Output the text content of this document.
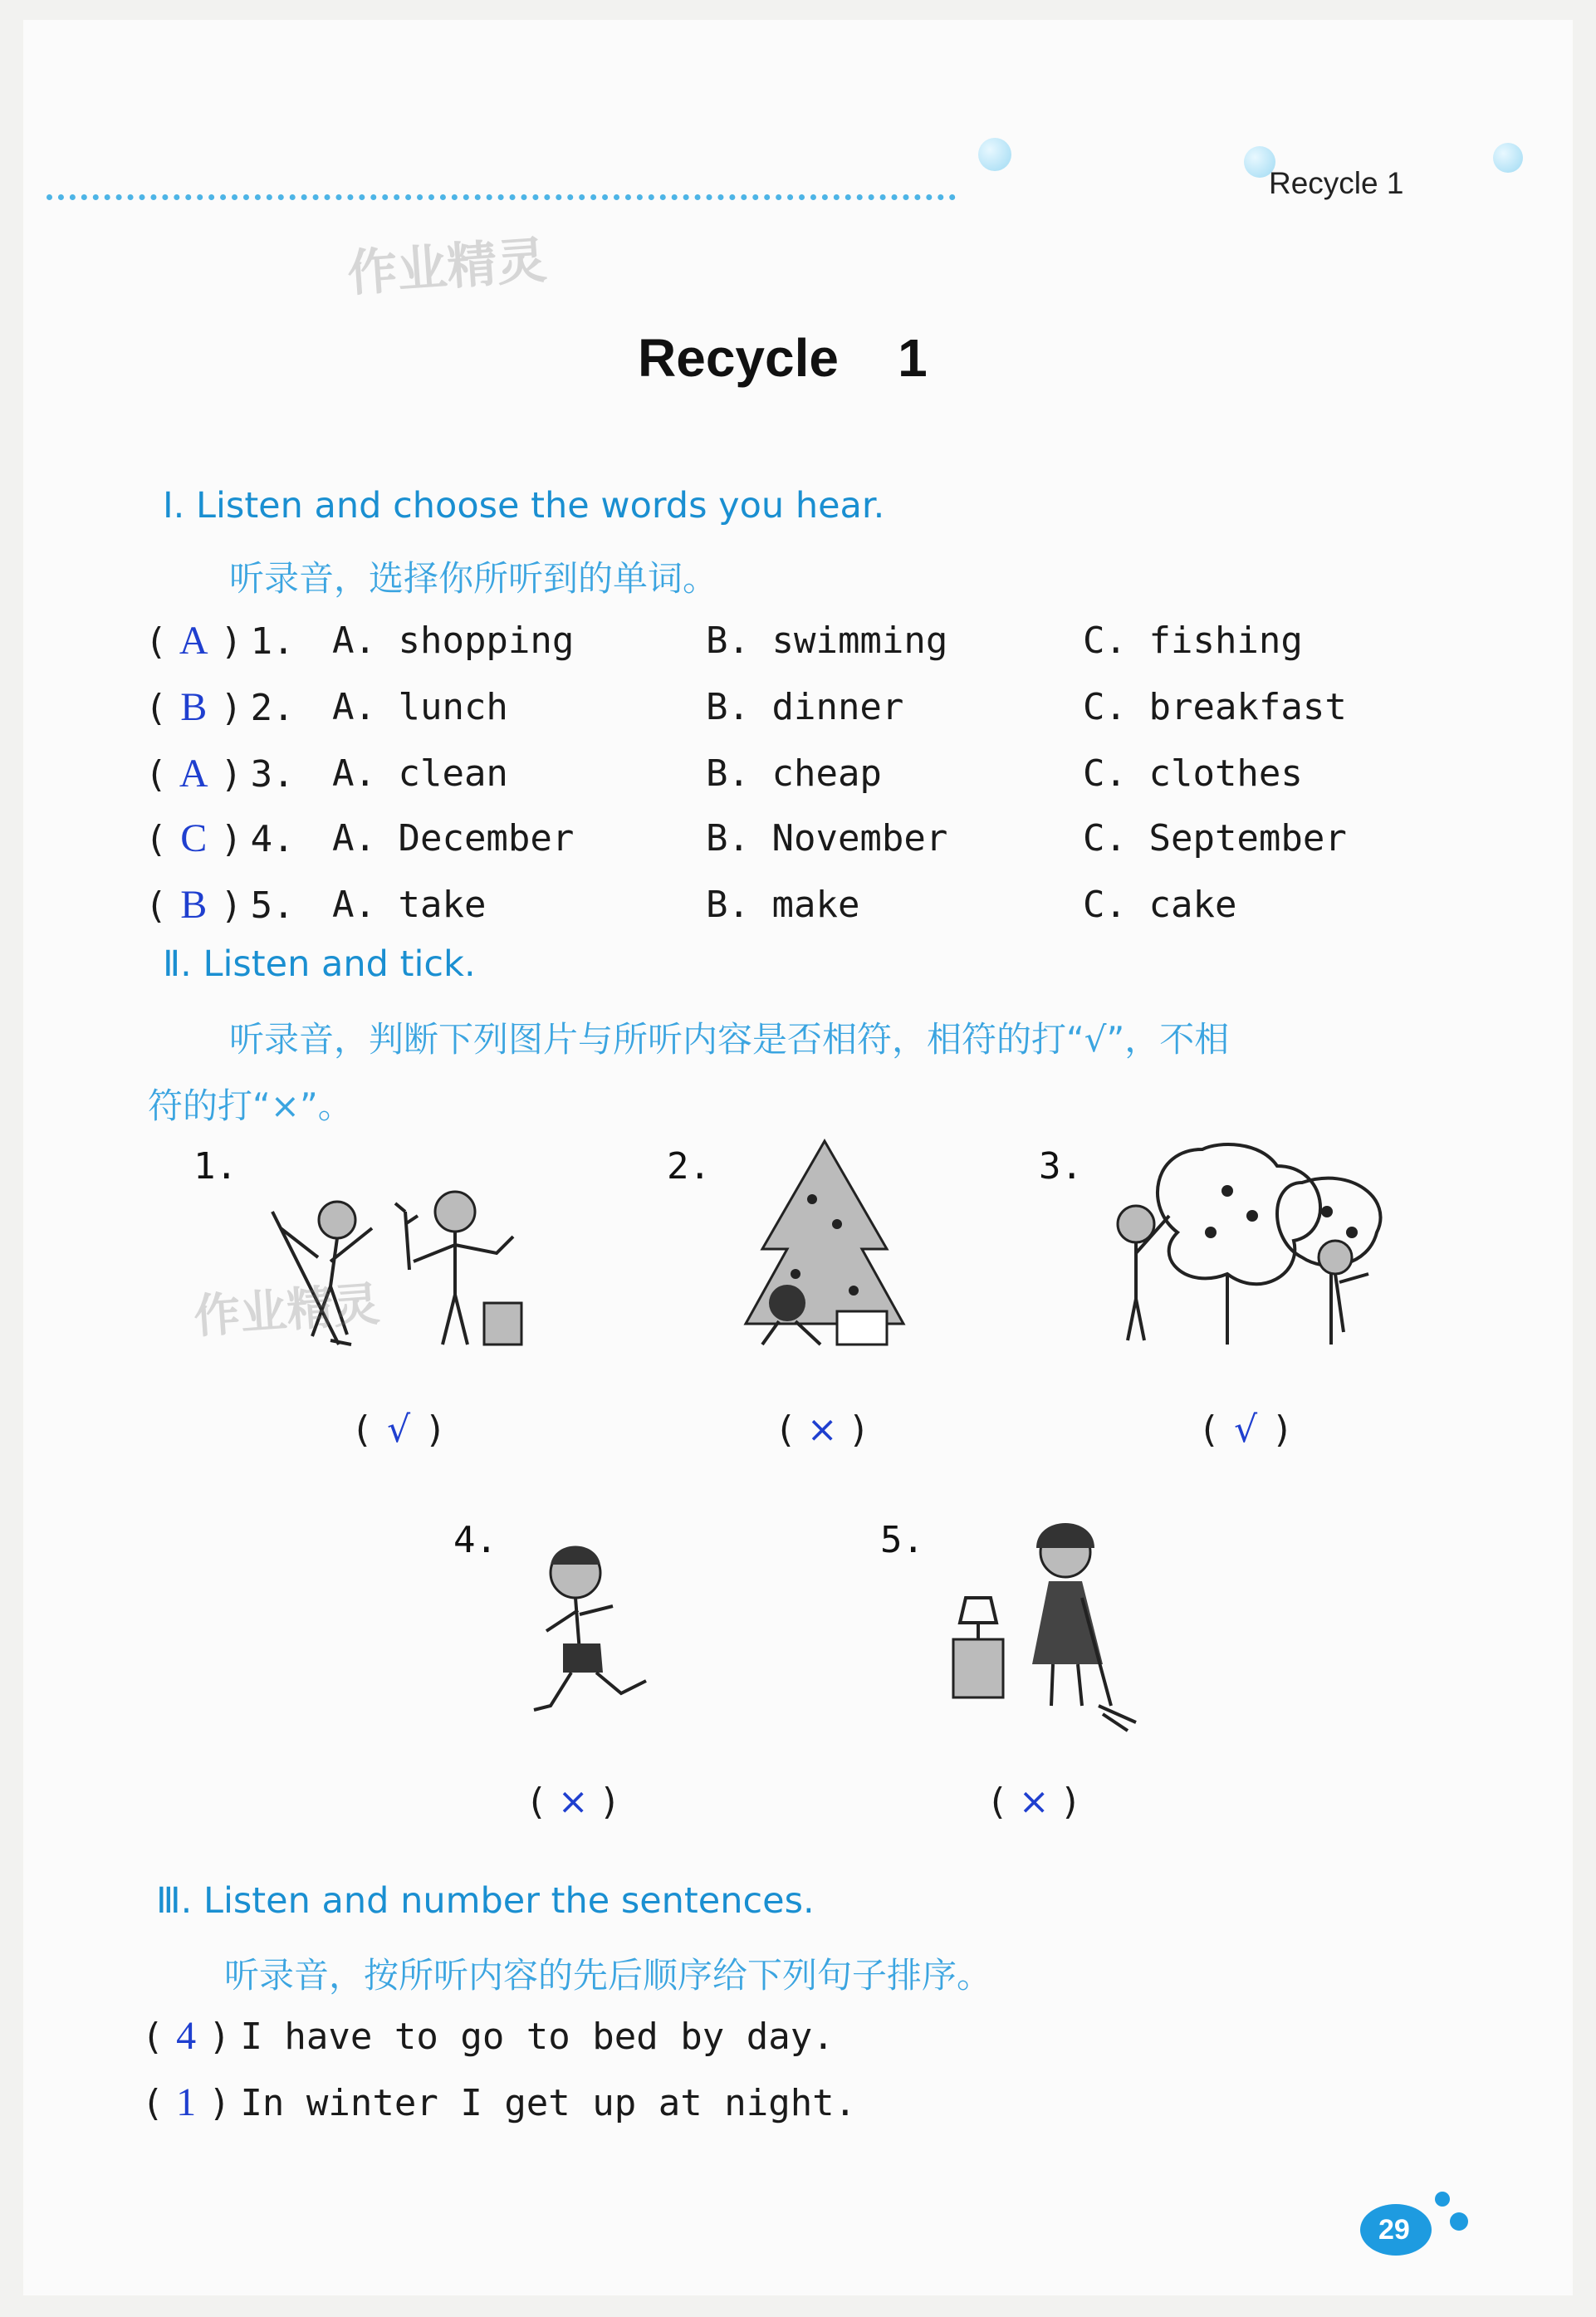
Recycle 1
作业精灵
Recycle    1
Ⅰ. Listen and choose the words you hear.
听录音，选择你所听到的单词。
( A ) 1. A. shopping	B. swimming	C. fishing
( B ) 2. A. lunch	B. dinner	C. breakfast
( A ) 3. A. clean	B. cheap	C. clothes
( C ) 4. A. December	B. November	C. September
( B ) 5. A. take	B. make	C. cake
Ⅱ. Listen and tick.
听录音，判断下列图片与所听内容是否相符，相符的打“√”，不相
符的打“×”。
1.
作业精灵
2.	3.
( √ )	( × )	( √ )
4.	5.
( × )	( × )
Ⅲ. Listen and number the sentences.
听录音，按所听内容的先后顺序给下列句子排序。
( 4 ) I have to go to bed by day.
( 1 ) In winter I get up at night.
29
